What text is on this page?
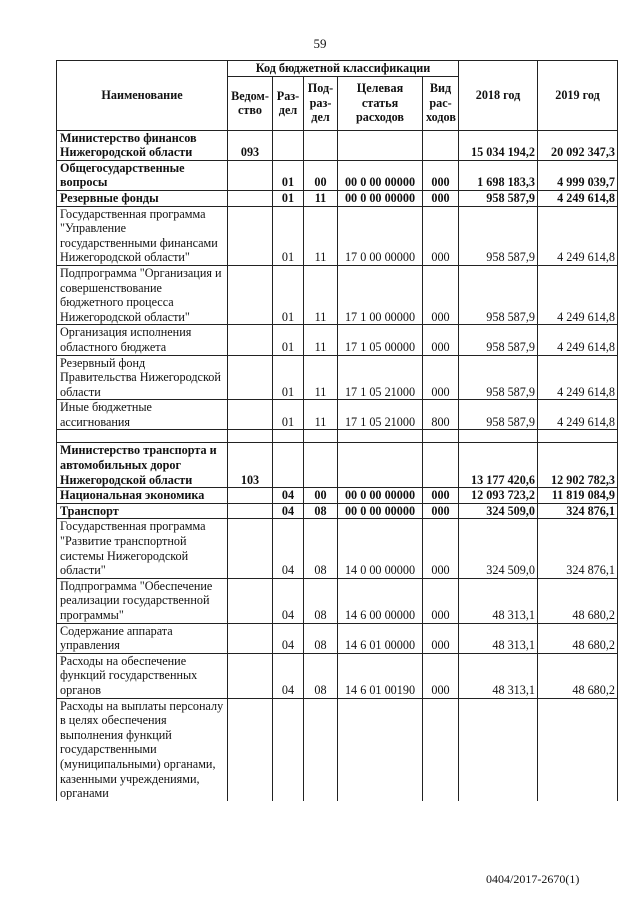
59
Наименование	Код бюджетной классификации					2018 год	2019 год
	Ведом-ство	Раз-дел	Под-раз-дел	Целевая статья расходов	Вид рас-ходов		
Министерство финансов Нижегородской области	093					15 034 194,2	20 092 347,3
Общегосударственные вопросы		01	00	00 0 00 00000	000	1 698 183,3	4 999 039,7
Резервные фонды		01	11	00 0 00 00000	000	958 587,9	4 249 614,8
Государственная программа "Управление государственными финансами Нижегородской области"		01	11	17 0 00 00000	000	958 587,9	4 249 614,8
Подпрограмма "Организация и совершенствование бюджетного процесса Нижегородской области"		01	11	17 1 00 00000	000	958 587,9	4 249 614,8
Организация исполнения областного бюджета		01	11	17 1 05 00000	000	958 587,9	4 249 614,8
Резервный фонд Правительства Нижегородской области		01	11	17 1 05 21000	000	958 587,9	4 249 614,8
Иные бюджетные ассигнования		01	11	17 1 05 21000	800	958 587,9	4 249 614,8

Министерство транспорта и автомобильных дорог Нижегородской области	103					13 177 420,6	12 902 782,3
Национальная экономика		04	00	00 0 00 00000	000	12 093 723,2	11 819 084,9
Транспорт		04	08	00 0 00 00000	000	324 509,0	324 876,1
Государственная программа "Развитие транспортной системы Нижегородской области"		04	08	14 0 00 00000	000	324 509,0	324 876,1
Подпрограмма "Обеспечение реализации государственной программы"		04	08	14 6 00 00000	000	48 313,1	48 680,2
Содержание аппарата управления		04	08	14 6 01 00000	000	48 313,1	48 680,2
Расходы на обеспечение функций государственных органов		04	08	14 6 01 00190	000	48 313,1	48 680,2
Расходы на выплаты персоналу в целях обеспечения выполнения функций государственными (муниципальными) органами, казенными учреждениями, органами							
0404/2017-2670(1)
